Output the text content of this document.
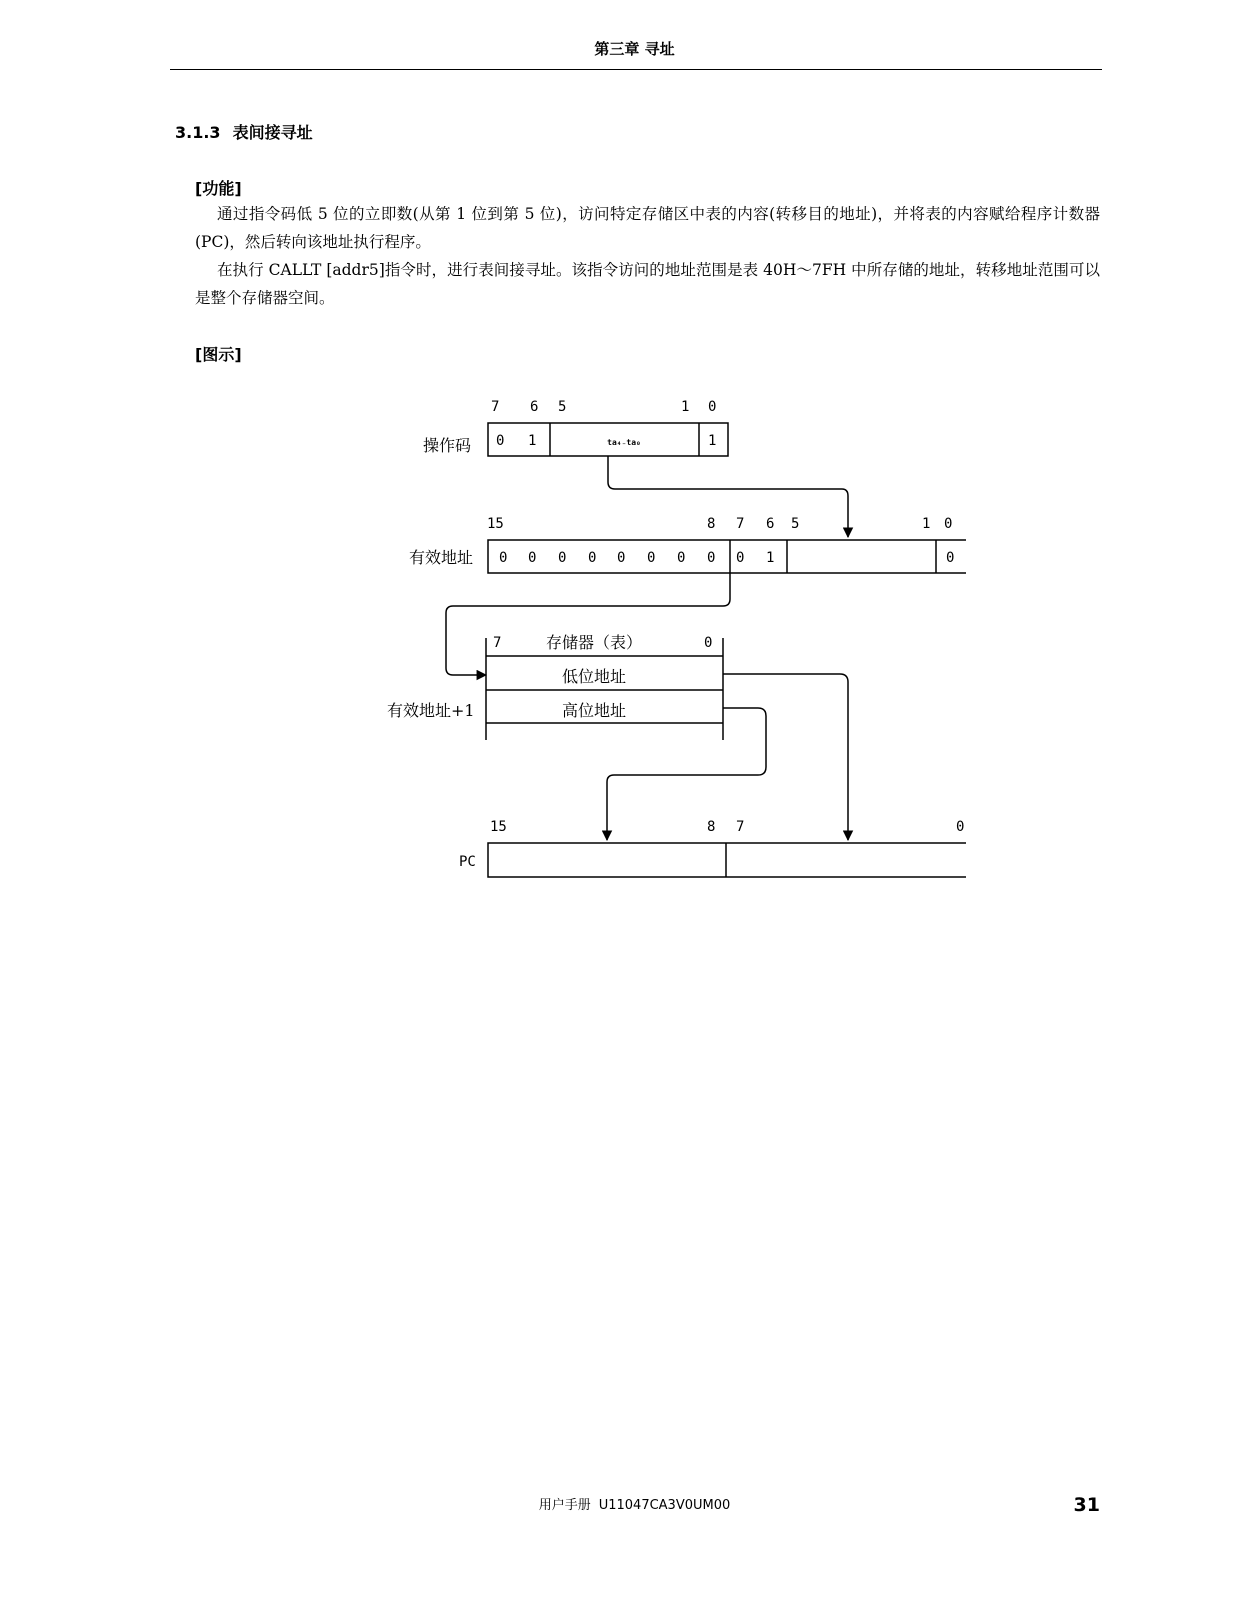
第三章 寻址
3.1.3 表间接寻址
[功能]
通过指令码低 5 位的立即数(从第 1 位到第 5 位)，访问特定存储区中表的内容(转移目的地址)，并将表的内容赋给程序计数器(PC)，然后转向该地址执行程序。
在执行 CALLT [addr5]指令时，进行表间接寻址。该指令访问的地址范围是表 40H～7FH 中所存储的地址，转移地址范围可以是整个存储器空间。
[图示]
7 6 5	1 0
操作码 0 1	ta₄₋ta₀	1
15	8 7 6 5	1 0
有效地址 0 0 0 0 0 0 0 0 0 1	0
7	0
存储器（表）
低位地址
高位地址
有效地址+1
15	8 7	0
PC
用户手册 U11047CA3V0UM00	31
